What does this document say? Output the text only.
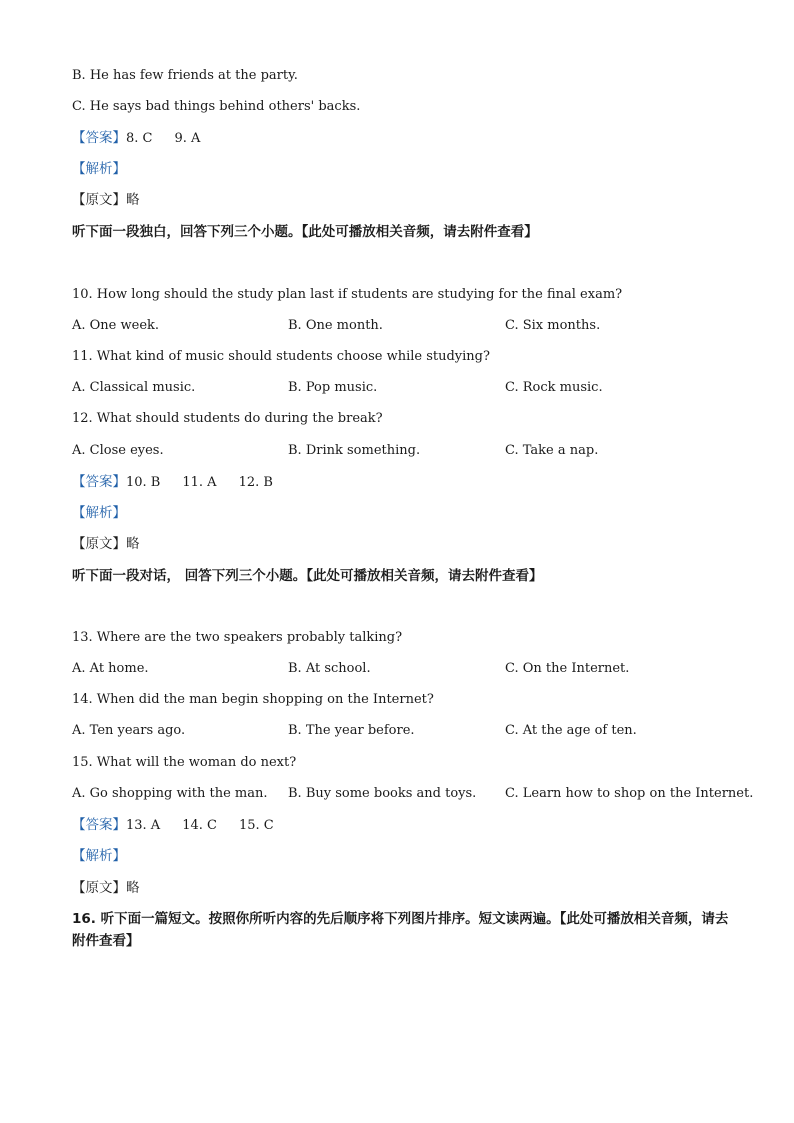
B. He has few friends at the party.
C. He says bad things behind others' backs.
【答案】8. C 9. A
【解析】
【原文】略
听下面一段独白，回答下列三个小题。【此处可播放相关音频，请去附件查看】
10. How long should the study plan last if students are studying for the final exam?
A. One week.	B. One month.	C. Six months.
11. What kind of music should students choose while studying?
A. Classical music.	B. Pop music.	C. Rock music.
12. What should students do during the break?
A. Close eyes.	B. Drink something.	C. Take a nap.
【答案】10. B 11. A 12. B
【解析】
【原文】略
听下面一段对话， 回答下列三个小题。【此处可播放相关音频，请去附件查看】
13. Where are the two speakers probably talking?
A. At home.	B. At school.	C. On the Internet.
14. When did the man begin shopping on the Internet?
A. Ten years ago.	B. The year before.	C. At the age of ten.
15. What will the woman do next?
A. Go shopping with the man. B. Buy some books and toys. C. Learn how to shop on the Internet.
【答案】13. A 14. C 15. C
【解析】
【原文】略
16. 听下面一篇短文。按照你所听内容的先后顺序将下列图片排序。短文读两遍。【此处可播放相关音频，请去附件查看】
